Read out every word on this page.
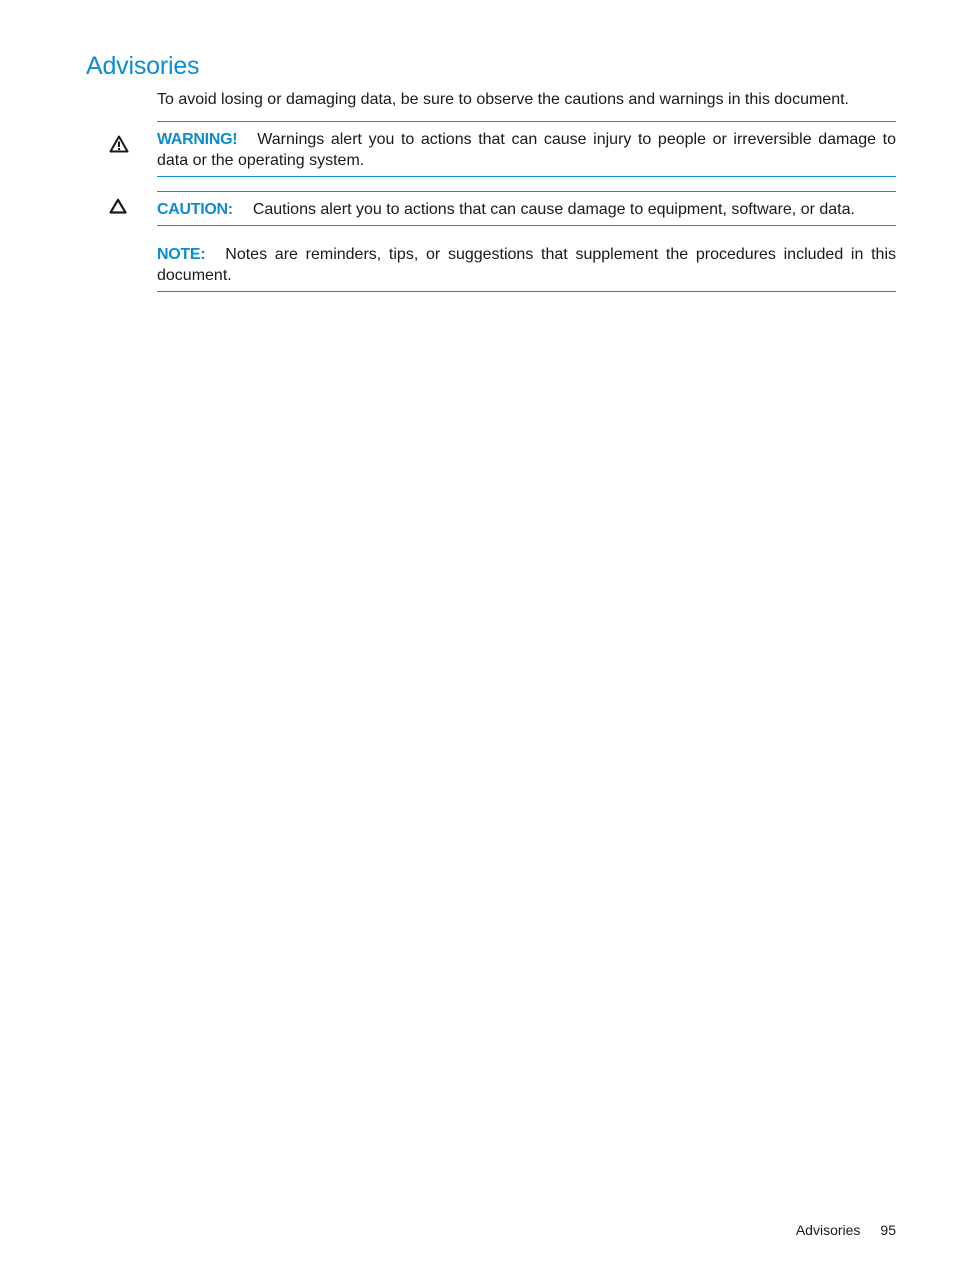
Advisories

To avoid losing or damaging data, be sure to observe the cautions and warnings in this document.

WARNING! Warnings alert you to actions that can cause injury to people or irreversible damage to data or the operating system.
CAUTION: Cautions alert you to actions that can cause damage to equipment, software, or data.
NOTE: Notes are reminders, tips, or suggestions that supplement the procedures included in this document.
Advisories 95
